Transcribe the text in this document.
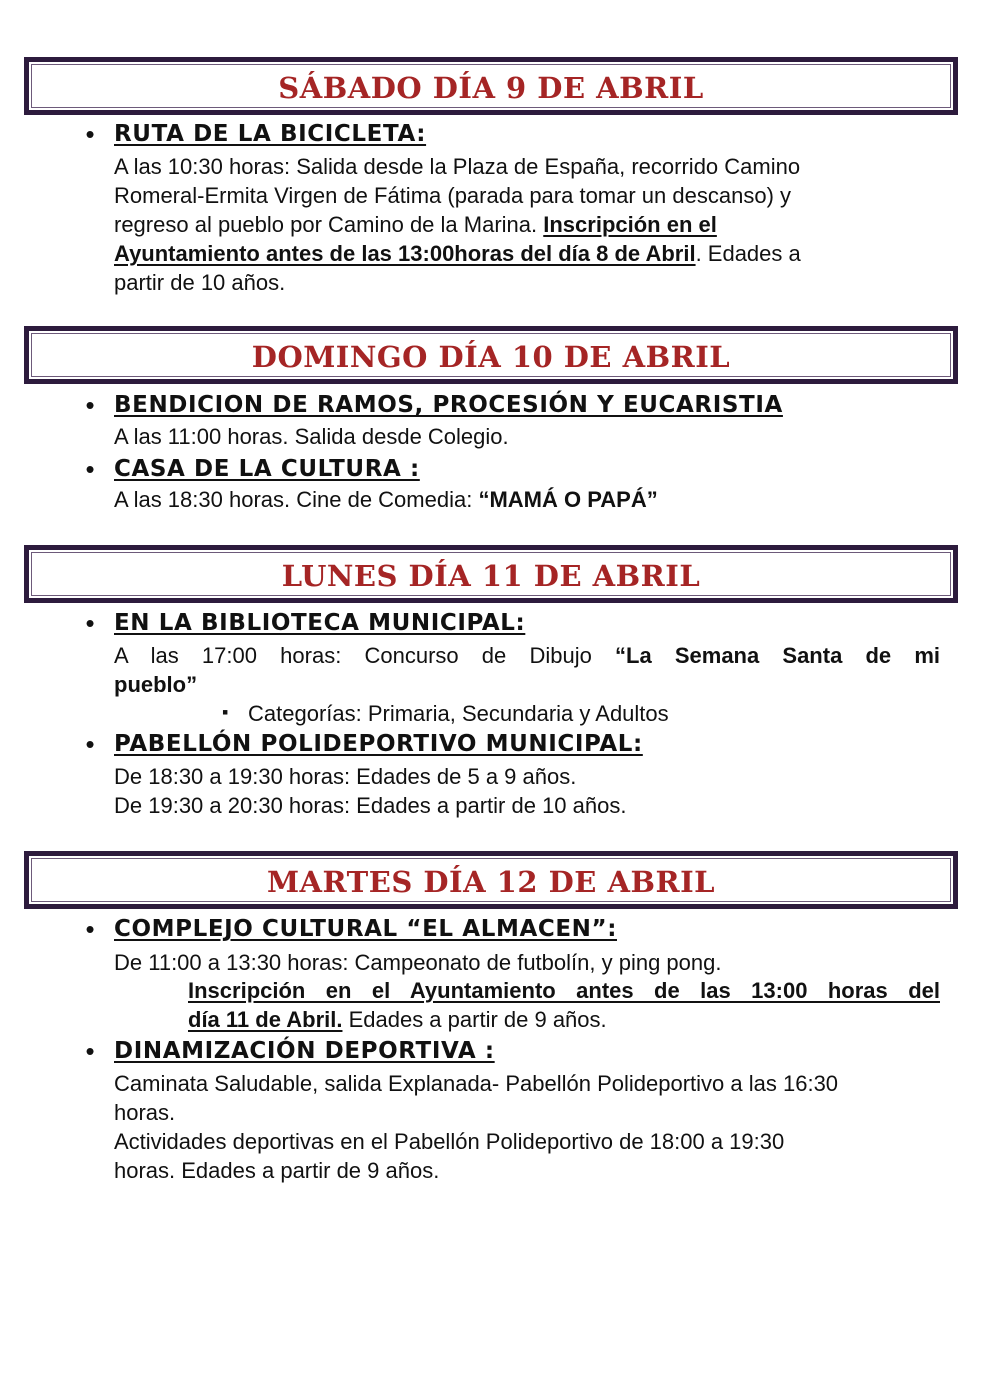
SÁBADO DÍA 9 DE ABRIL
• RUTA DE LA BICICLETA:
A las 10:30 horas: Salida desde la Plaza de España, recorrido Camino
Romeral-Ermita Virgen de Fátima (parada para tomar un descanso) y
regreso al pueblo por Camino de la Marina. Inscripción en el
Ayuntamiento antes de las 13:00horas del día 8 de Abril. Edades a
partir de 10 años.
DOMINGO DÍA 10 DE ABRIL
• BENDICION DE RAMOS, PROCESIÓN Y EUCARISTIA
A las 11:00 horas. Salida desde Colegio.
• CASA DE LA CULTURA :
A las 18:30 horas. Cine de Comedia: “MAMÁ O PAPÁ”
LUNES DÍA 11 DE ABRIL
• EN LA BIBLIOTECA MUNICIPAL:
A las 17:00 horas: Concurso de Dibujo “La Semana Santa de mi
pueblo”
▪ Categorías: Primaria, Secundaria y Adultos
• PABELLÓN POLIDEPORTIVO MUNICIPAL:
De 18:30 a 19:30 horas: Edades de 5 a 9 años.
De 19:30 a 20:30 horas: Edades a partir de 10 años.
MARTES DÍA 12 DE ABRIL
• COMPLEJO CULTURAL “EL ALMACEN”:
De 11:00 a 13:30 horas: Campeonato de futbolín, y ping pong.
Inscripción en el Ayuntamiento antes de las 13:00 horas del
día 11 de Abril. Edades a partir de 9 años.
• DINAMIZACIÓN DEPORTIVA :
Caminata Saludable, salida Explanada- Pabellón Polideportivo a las 16:30
horas.
Actividades deportivas en el Pabellón Polideportivo de 18:00 a 19:30
horas. Edades a partir de 9 años.
